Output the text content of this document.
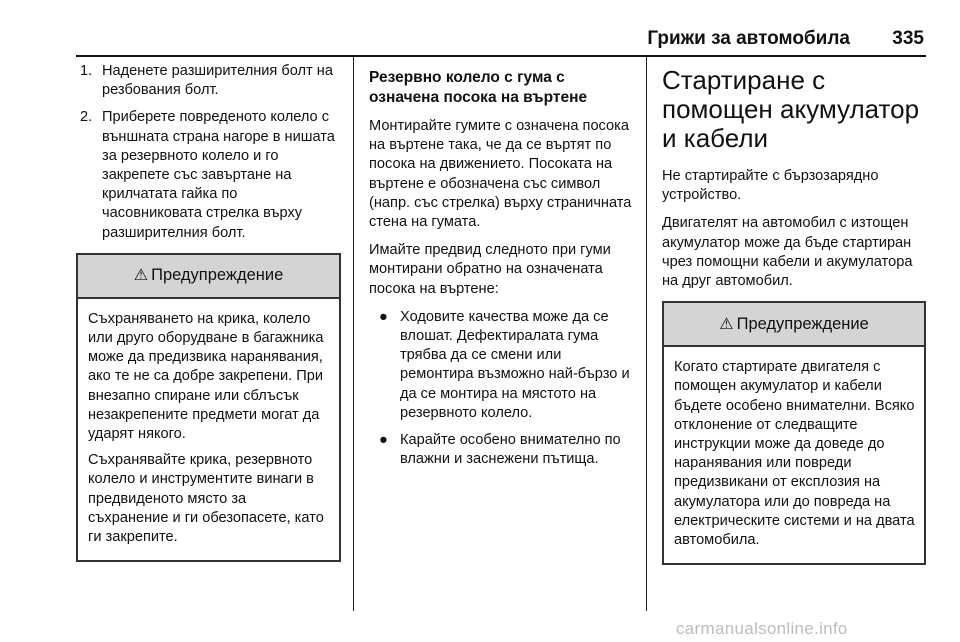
Грижи за автомобила	335
1. Наденете разширителния болт на резбования болт.
2. Приберете повреденото колело с външната страна нагоре в нишата за резервното колело и го закрепете със завъртане на крилчатата гайка по часовниковата стрелка върху разширителния болт.
⚠ Предупреждение

Съхраняването на крика, колело или друго оборудване в багажника може да предизвика наранявания, ако те не са добре закрепени. При внезапно спиране или сблъсък незакрепените предмети могат да ударят някого.

Съхранявайте крика, резервното колело и инструментите винаги в предвиденото място за съхранение и ги обезопасете, като ги закрепите.

Резервно колело с гума с означена посока на въртене

Монтирайте гумите с означена посока на въртене така, че да се въртят по посока на движението. Посоката на въртене е обозначена със символ (напр. със стрелка) върху страничната стена на гумата.

Имайте предвид следното при гуми монтирани обратно на означената посока на въртене:

● Ходовите качества може да се влошат. Дефектиралата гума трябва да се смени или ремонтира възможно най-бързо и да се монтира на мястото на резервното колело.
● Карайте особено внимателно по влажни и заснежени пътища.
Стартиране с помощен акумулатор и кабели

Не стартирайте с бързозарядно устройство.

Двигателят на автомобил с изтощен акумулатор може да бъде стартиран чрез помощни кабели и акумулатора на друг автомобил.

⚠ Предупреждение

Когато стартирате двигателя с помощен акумулатор и кабели бъдете особено внимателни. Всяко отклонение от следващите инструкции може да доведе до наранявания или повреди предизвикани от експлозия на акумулатора или до повреда на електрическите системи и на двата автомобила.

carmanualsonline.info
